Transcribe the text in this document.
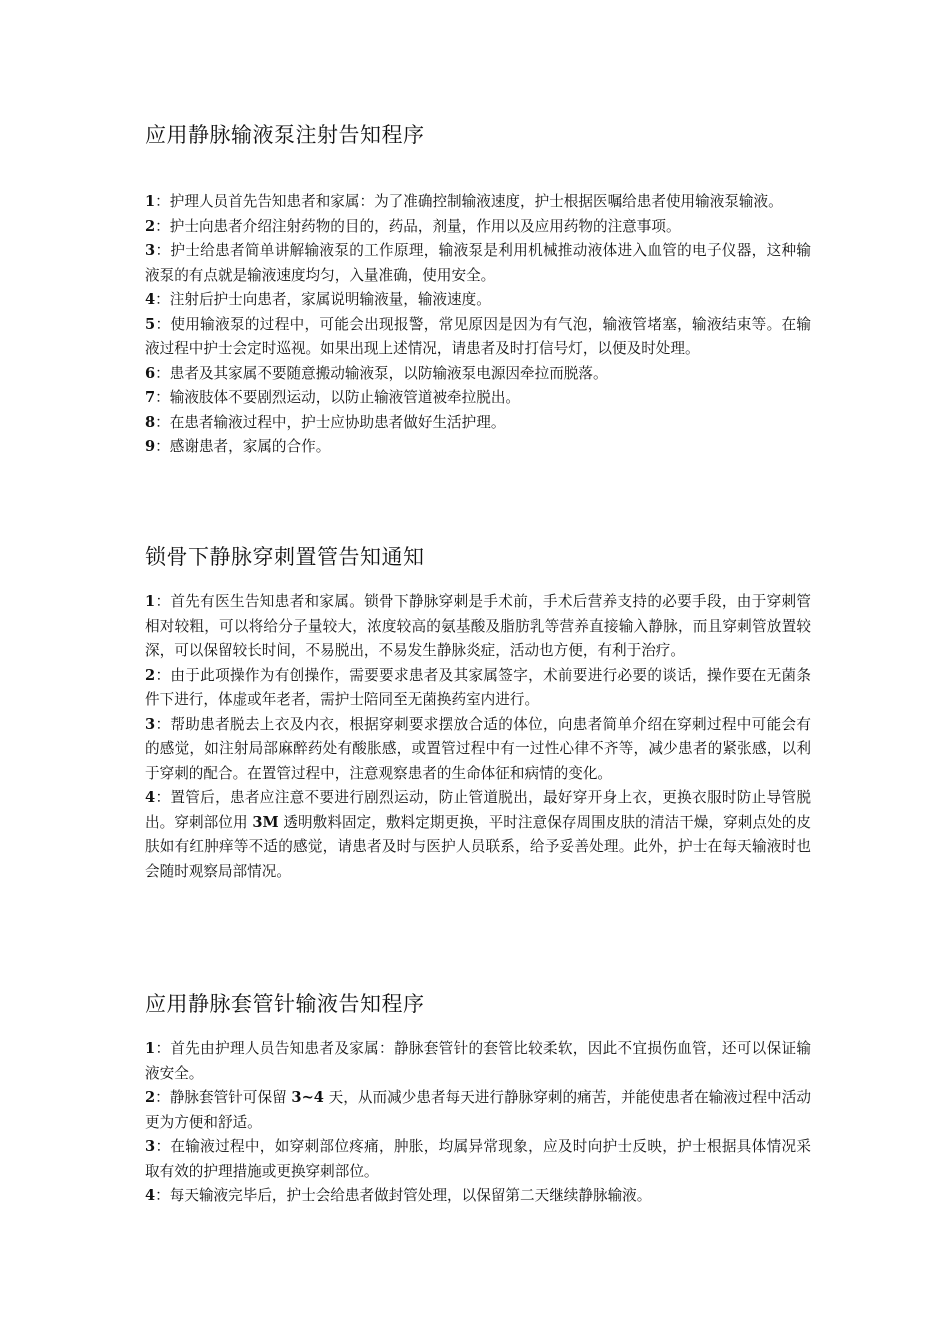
应用静脉输液泵注射告知程序
1：护理人员首先告知患者和家属：为了准确控制输液速度，护士根据医嘱给患者使用输液泵输液。
2：护士向患者介绍注射药物的目的，药品，剂量，作用以及应用药物的注意事项。
3：护士给患者简单讲解输液泵的工作原理，输液泵是利用机械推动液体进入血管的电子仪器，这种输液泵的有点就是输液速度均匀，入量准确，使用安全。
4：注射后护士向患者，家属说明输液量，输液速度。
5：使用输液泵的过程中，可能会出现报警，常见原因是因为有气泡，输液管堵塞，输液结束等。在输液过程中护士会定时巡视。如果出现上述情况，请患者及时打信号灯，以便及时处理。
6：患者及其家属不要随意搬动输液泵，以防输液泵电源因牵拉而脱落。
7：输液肢体不要剧烈运动，以防止输液管道被牵拉脱出。
8：在患者输液过程中，护士应协助患者做好生活护理。
9：感谢患者，家属的合作。
锁骨下静脉穿刺置管告知通知
1：首先有医生告知患者和家属。锁骨下静脉穿刺是手术前，手术后营养支持的必要手段，由于穿刺管相对较粗，可以将给分子量较大，浓度较高的氨基酸及脂肪乳等营养直接输入静脉，而且穿刺管放置较深，可以保留较长时间，不易脱出，不易发生静脉炎症，活动也方便，有利于治疗。
2：由于此项操作为有创操作，需要要求患者及其家属签字，术前要进行必要的谈话，操作要在无菌条件下进行，体虚或年老者，需护士陪同至无菌换药室内进行。
3：帮助患者脱去上衣及内衣，根据穿刺要求摆放合适的体位，向患者简单介绍在穿刺过程中可能会有的感觉，如注射局部麻醉药处有酸胀感，或置管过程中有一过性心律不齐等，减少患者的紧张感，以利于穿刺的配合。在置管过程中，注意观察患者的生命体征和病情的变化。
4：置管后，患者应注意不要进行剧烈运动，防止管道脱出，最好穿开身上衣，更换衣服时防止导管脱出。穿刺部位用 3M 透明敷料固定，敷料定期更换，平时注意保存周围皮肤的清洁干燥，穿刺点处的皮肤如有红肿痒等不适的感觉，请患者及时与医护人员联系，给予妥善处理。此外，护士在每天输液时也会随时观察局部情况。
应用静脉套管针输液告知程序
1：首先由护理人员告知患者及家属：静脉套管针的套管比较柔软，因此不宜损伤血管，还可以保证输液安全。
2：静脉套管针可保留 3~4 天，从而减少患者每天进行静脉穿刺的痛苦，并能使患者在输液过程中活动更为方便和舒适。
3：在输液过程中，如穿刺部位疼痛，肿胀，均属异常现象，应及时向护士反映，护士根据具体情况采取有效的护理措施或更换穿刺部位。
4：每天输液完毕后，护士会给患者做封管处理，以保留第二天继续静脉输液。
